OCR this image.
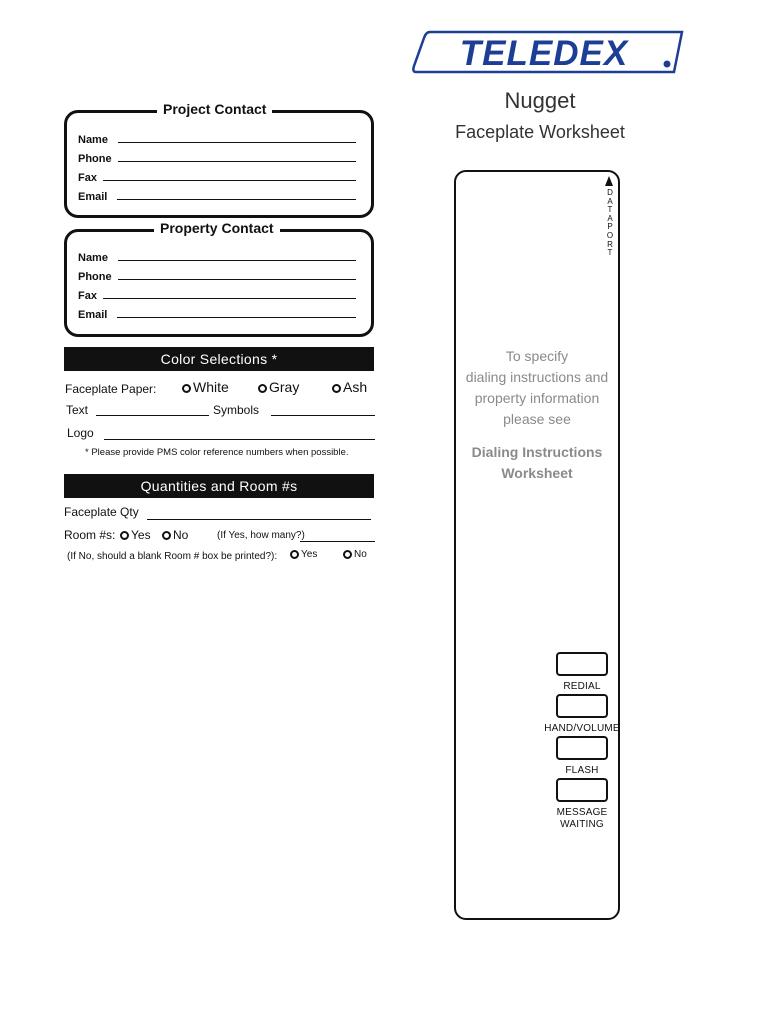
TELEDEX
Nugget
Faceplate Worksheet
Project Contact
Name
Phone
Fax
Email
Property Contact
Name
Phone
Fax
Email
Color Selections *
Faceplate Paper:	White	Gray	Ash
Text	Symbols
Logo
* Please provide PMS color reference numbers when possible.
Quantities and Room #s
Faceplate Qty
Room #s:	Yes	No	(If Yes, how many?)
(If No, should a blank Room # box be printed?):	Yes	No
D
A
T
A
P
O
R
T
To specify
dialing instructions and
property information
please see
Dialing Instructions
Worksheet
REDIAL
HAND/VOLUME
FLASH
MESSAGE
WAITING
